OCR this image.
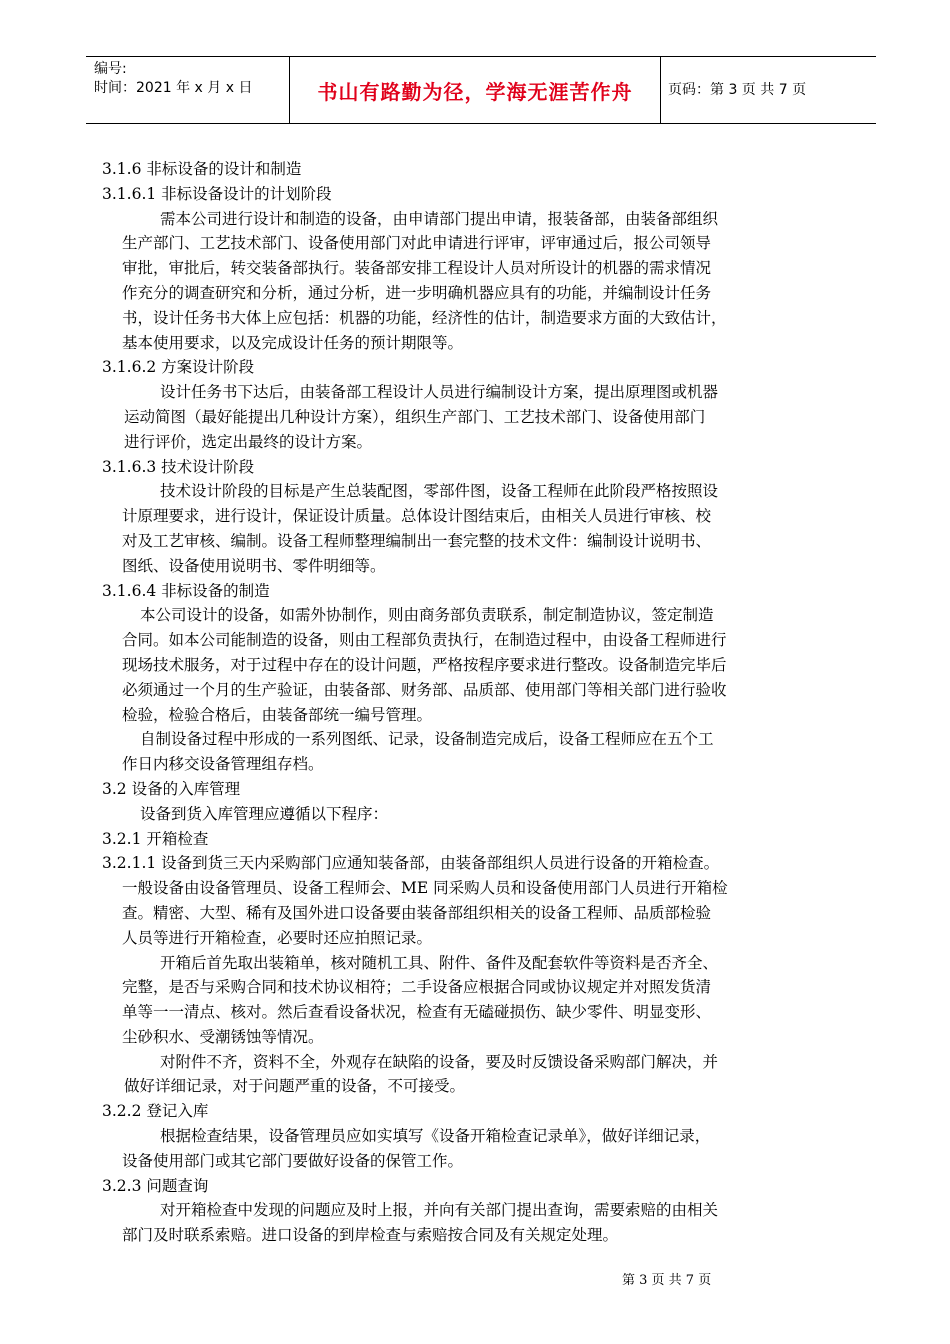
编号:
时间：2021 年 x 月 x 日	书山有路勤为径，学海无涯苦作舟	页码：第 3 页 共 7 页
3.1.6 非标设备的设计和制造
3.1.6.1 非标设备设计的计划阶段
需本公司进行设计和制造的设备，由申请部门提出申请，报装备部，由装备部组织
生产部门、工艺技术部门、设备使用部门对此申请进行评审，评审通过后，报公司领导
审批，审批后，转交装备部执行。装备部安排工程设计人员对所设计的机器的需求情况
作充分的调查研究和分析，通过分析，进一步明确机器应具有的功能，并编制设计任务
书，设计任务书大体上应包括：机器的功能，经济性的估计，制造要求方面的大致估计，
基本使用要求，以及完成设计任务的预计期限等。
3.1.6.2 方案设计阶段
设计任务书下达后，由装备部工程设计人员进行编制设计方案，提出原理图或机器
运动简图（最好能提出几种设计方案），组织生产部门、工艺技术部门、设备使用部门
进行评价，选定出最终的设计方案。
3.1.6.3 技术设计阶段
技术设计阶段的目标是产生总装配图，零部件图，设备工程师在此阶段严格按照设
计原理要求，进行设计，保证设计质量。总体设计图结束后，由相关人员进行审核、校
对及工艺审核、编制。设备工程师整理编制出一套完整的技术文件：编制设计说明书、
图纸、设备使用说明书、零件明细等。
3.1.6.4 非标设备的制造
本公司设计的设备，如需外协制作，则由商务部负责联系，制定制造协议，签定制造
合同。如本公司能制造的设备，则由工程部负责执行，在制造过程中，由设备工程师进行
现场技术服务，对于过程中存在的设计问题，严格按程序要求进行整改。设备制造完毕后
必须通过一个月的生产验证，由装备部、财务部、品质部、使用部门等相关部门进行验收
检验，检验合格后，由装备部统一编号管理。
自制设备过程中形成的一系列图纸、记录，设备制造完成后，设备工程师应在五个工
作日内移交设备管理组存档。
3.2 设备的入库管理
设备到货入库管理应遵循以下程序：
3.2.1 开箱检查
3.2.1.1 设备到货三天内采购部门应通知装备部，由装备部组织人员进行设备的开箱检查。
一般设备由设备管理员、设备工程师会、ME 同采购人员和设备使用部门人员进行开箱检
查。精密、大型、稀有及国外进口设备要由装备部组织相关的设备工程师、品质部检验
人员等进行开箱检查，必要时还应拍照记录。
开箱后首先取出装箱单，核对随机工具、附件、备件及配套软件等资料是否齐全、
完整，是否与采购合同和技术协议相符；二手设备应根据合同或协议规定并对照发货清
单等一一清点、核对。然后查看设备状况，检查有无磕碰损伤、缺少零件、明显变形、
尘砂积水、受潮锈蚀等情况。
对附件不齐，资料不全，外观存在缺陷的设备，要及时反馈设备采购部门解决，并
做好详细记录，对于问题严重的设备，不可接受。
3.2.2 登记入库
根据检查结果，设备管理员应如实填写《设备开箱检查记录单》，做好详细记录，
设备使用部门或其它部门要做好设备的保管工作。
3.2.3 问题查询
对开箱检查中发现的问题应及时上报，并向有关部门提出查询，需要索赔的由相关
部门及时联系索赔。进口设备的到岸检查与索赔按合同及有关规定处理。
第 3 页 共 7 页
